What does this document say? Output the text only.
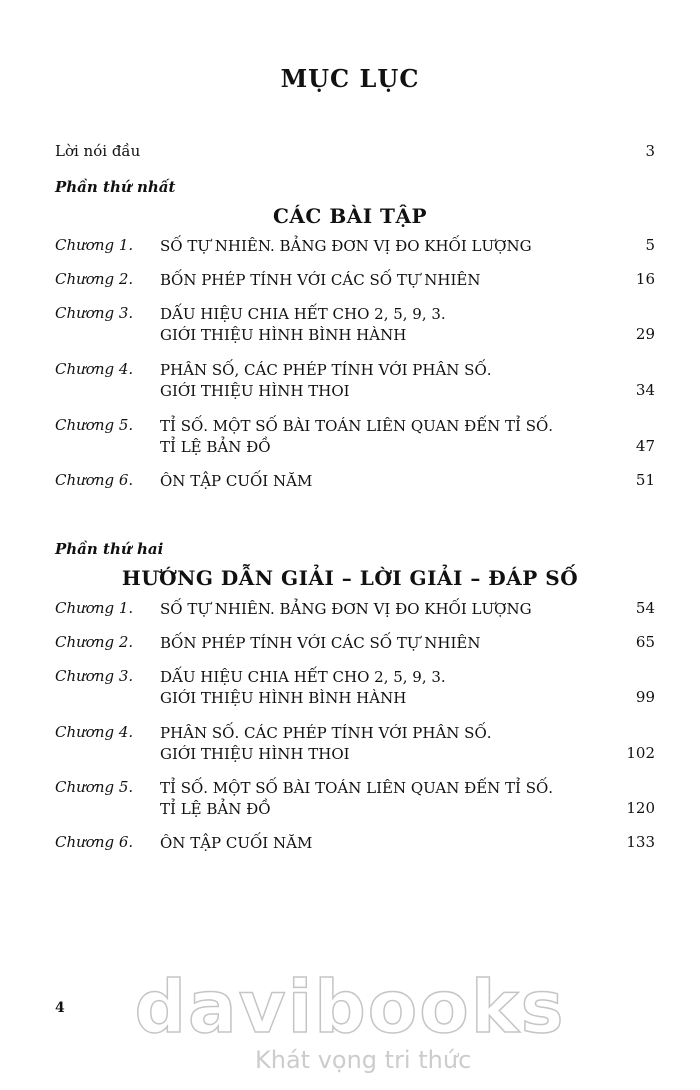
MỤC LỤC
Lời nói đầu	3
Phần thứ nhất
CÁC BÀI TẬP
Chương 1. SỐ TỰ NHIÊN. BẢNG ĐƠN VỊ ĐO KHỐI LƯỢNG	5
Chương 2. BỐN PHÉP TÍNH VỚI CÁC SỐ TỰ NHIÊN	16
Chương 3. DẤU HIỆU CHIA HẾT CHO 2, 5, 9, 3.
GIỚI THIỆU HÌNH BÌNH HÀNH	29
Chương 4. PHÂN SỐ, CÁC PHÉP TÍNH VỚI PHÂN SỐ.
GIỚI THIỆU HÌNH THOI	34
Chương 5. TỈ SỐ. MỘT SỐ BÀI TOÁN LIÊN QUAN ĐẾN TỈ SỐ.
TỈ LỆ BẢN ĐỒ	47
Chương 6. ÔN TẬP CUỐI NĂM	51
Phần thứ hai
HƯỚNG DẪN GIẢI – LỜI GIẢI – ĐÁP SỐ
Chương 1. SỐ TỰ NHIÊN. BẢNG ĐƠN VỊ ĐO KHỐI LƯỢNG	54
Chương 2. BỐN PHÉP TÍNH VỚI CÁC SỐ TỰ NHIÊN	65
Chương 3. DẤU HIỆU CHIA HẾT CHO 2, 5, 9, 3.
GIỚI THIỆU HÌNH BÌNH HÀNH	99
Chương 4. PHÂN SỐ. CÁC PHÉP TÍNH VỚI PHÂN SỐ.
GIỚI THIỆU HÌNH THOI	102
Chương 5. TỈ SỐ. MỘT SỐ BÀI TOÁN LIÊN QUAN ĐẾN TỈ SỐ.
TỈ LỆ BẢN ĐỒ	120
Chương 6. ÔN TẬP CUỐI NĂM	133
4 davibooks
Khát vọng tri thức
